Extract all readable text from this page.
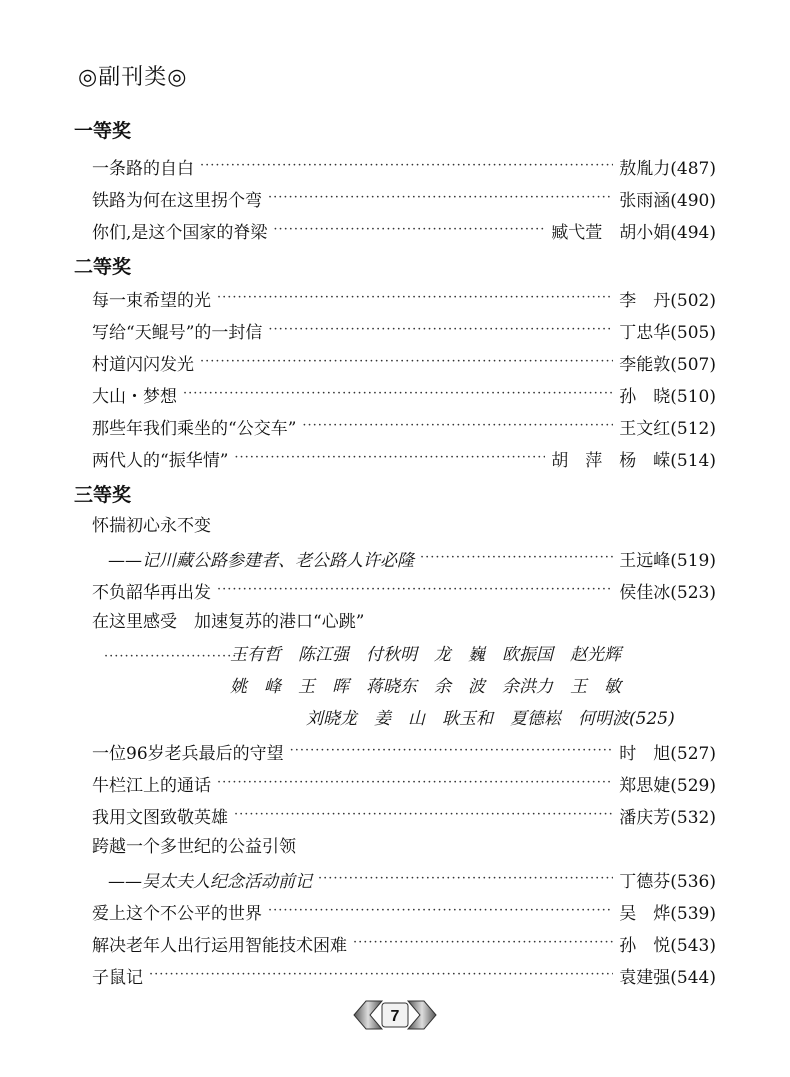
◎副刊类◎
一等奖
一条路的自白 ·····	敖胤力(487)
铁路为何在这里拐个弯 ·····	张雨涵(490)
你们,是这个国家的脊梁 ·····	臧弋萱　胡小娟(494)
二等奖
每一束希望的光 ·····	李　丹(502)
写给“天鲲号”的一封信 ·····	丁忠华(505)
村道闪闪发光 ·····	李能敦(507)
大山・梦想 ·····	孙　晓(510)
那些年我们乘坐的“公交车” ·····	王文红(512)
两代人的“振华情” ·····	胡　萍　杨　嵘(514)
三等奖
怀揣初心永不变
——记川藏公路参建者、老公路人许必隆 ·····	王远峰(519)
不负韶华再出发 ·····	侯佳冰(523)
在这里感受　加速复苏的港口“心跳”
····························
王有哲　陈江强　付秋明　龙　巍　欧振国　赵光辉
姚　峰　王　晖　蒋晓东　余　波　余洪力　王　敏
刘晓龙　姜　山　耿玉和　夏德崧　何明波(525)
一位96岁老兵最后的守望 ·····	时　旭(527)
牛栏江上的通话 ·····	郑思婕(529)
我用文图致敬英雄 ·····	潘庆芳(532)
跨越一个多世纪的公益引领
——吴太夫人纪念活动前记 ·····	丁德芬(536)
爱上这个不公平的世界 ·····	吴　烨(539)
解决老年人出行运用智能技术困难 ·····	孙　悦(543)
子鼠记 ·····	袁建强(544)
7
